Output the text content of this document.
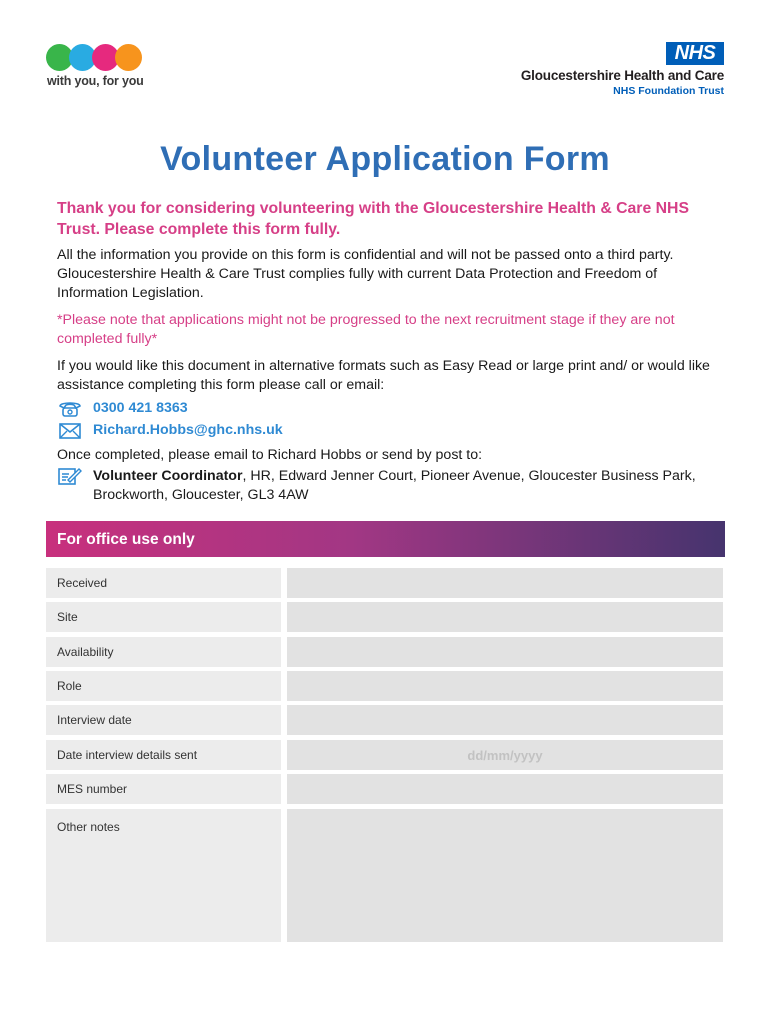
with you, for you
NHS
Gloucestershire Health and Care
NHS Foundation Trust
Volunteer Application Form

Thank you for considering volunteering with the Gloucestershire Health & Care NHS Trust. Please complete this form fully.

All the information you provide on this form is confidential and will not be passed onto a third party. Gloucestershire Health & Care Trust complies fully with current Data Protection and Freedom of Information Legislation.

*Please note that applications might not be progressed to the next recruitment stage if they are not completed fully*

If you would like this document in alternative formats such as Easy Read or large print and/ or would like assistance completing this form please call or email:

0300 421 8363
Richard.Hobbs@ghc.nhs.uk

Once completed, please email to Richard Hobbs or send by post to:

Volunteer Coordinator, HR, Edward Jenner Court, Pioneer Avenue, Gloucester Business Park, Brockworth, Gloucester, GL3 4AW
For office use only
Received
Site
Availability
Role
Interview date
Date interview details sent
dd/mm/yyyy
MES number
Other notes
